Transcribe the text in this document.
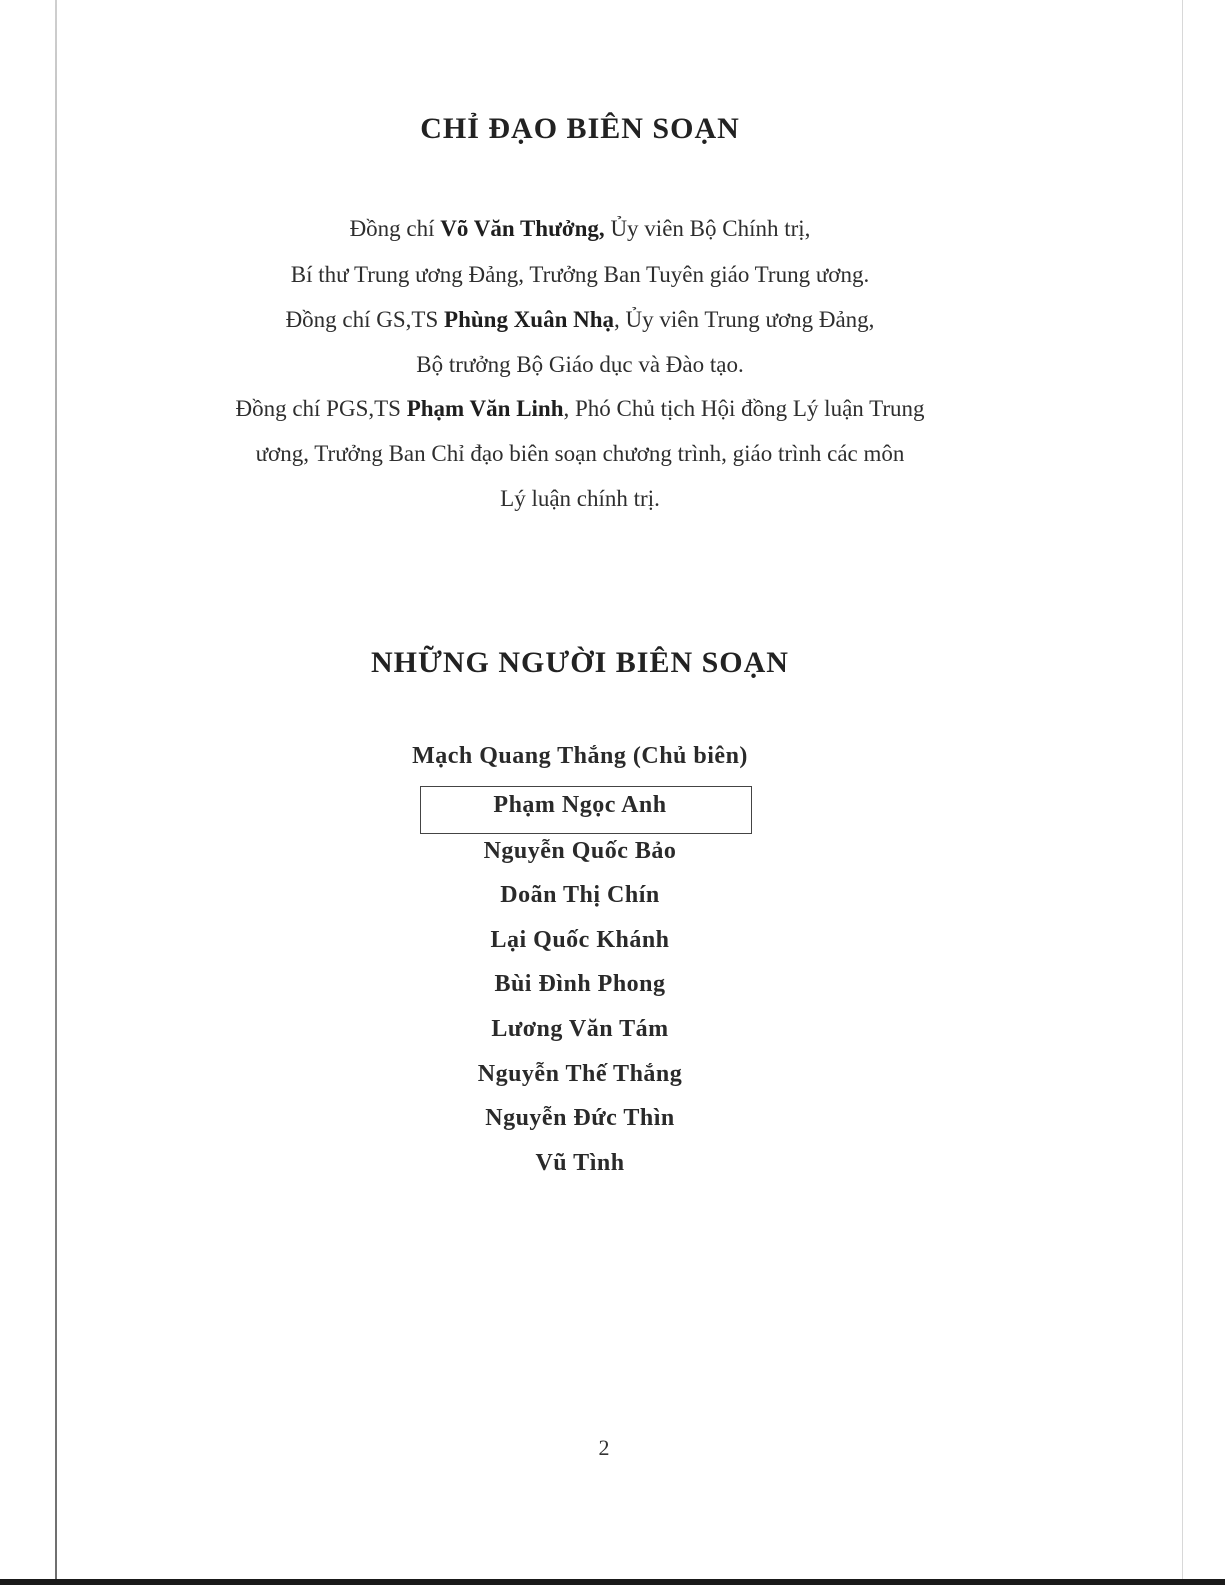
CHỈ ĐẠO BIÊN SOẠN
Đồng chí Võ Văn Thưởng, Ủy viên Bộ Chính trị,
Bí thư Trung ương Đảng, Trưởng Ban Tuyên giáo Trung ương.
Đồng chí GS,TS Phùng Xuân Nhạ, Ủy viên Trung ương Đảng,
Bộ trưởng Bộ Giáo dục và Đào tạo.
Đồng chí PGS,TS Phạm Văn Linh, Phó Chủ tịch Hội đồng Lý luận Trung
ương, Trưởng Ban Chỉ đạo biên soạn chương trình, giáo trình các môn
Lý luận chính trị.
NHỮNG NGƯỜI BIÊN SOẠN
Mạch Quang Thắng (Chủ biên)
Phạm Ngọc Anh
Nguyễn Quốc Bảo
Doãn Thị Chín
Lại Quốc Khánh
Bùi Đình Phong
Lương Văn Tám
Nguyễn Thế Thắng
Nguyễn Đức Thìn
Vũ Tình
2
